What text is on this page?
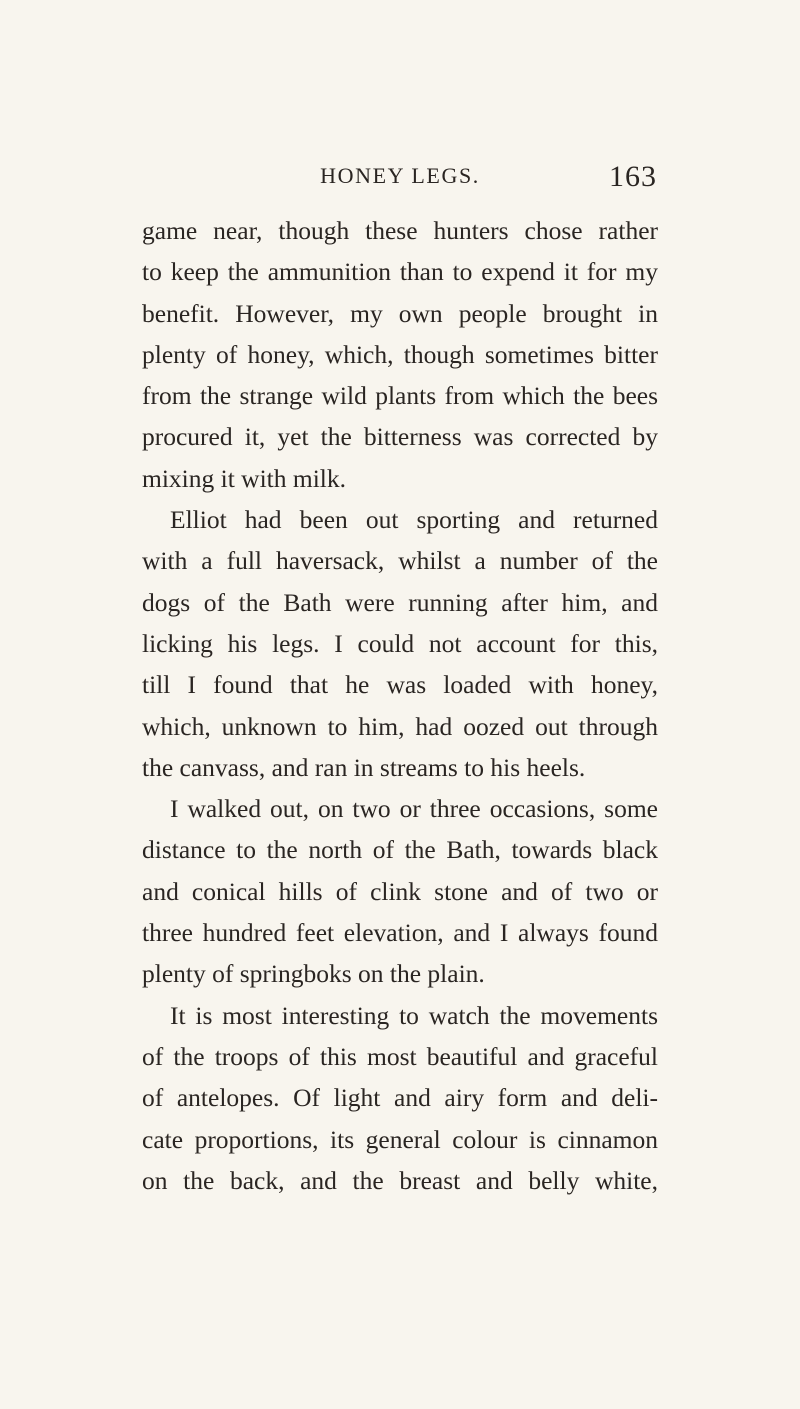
HONEY LEGS.	163
game near, though these hunters chose rather
to keep the ammunition than to expend it for my
benefit. However, my own people brought in
plenty of honey, which, though sometimes bitter
from the strange wild plants from which the bees
procured it, yet the bitterness was corrected by
mixing it with milk.
Elliot had been out sporting and returned
with a full haversack, whilst a number of the
dogs of the Bath were running after him, and
licking his legs. I could not account for this,
till I found that he was loaded with honey,
which, unknown to him, had oozed out through
the canvass, and ran in streams to his heels.
I walked out, on two or three occasions, some
distance to the north of the Bath, towards black
and conical hills of clink stone and of two or
three hundred feet elevation, and I always found
plenty of springboks on the plain.
It is most interesting to watch the movements
of the troops of this most beautiful and graceful
of antelopes. Of light and airy form and deli-
cate proportions, its general colour is cinnamon
on the back, and the breast and belly white,
